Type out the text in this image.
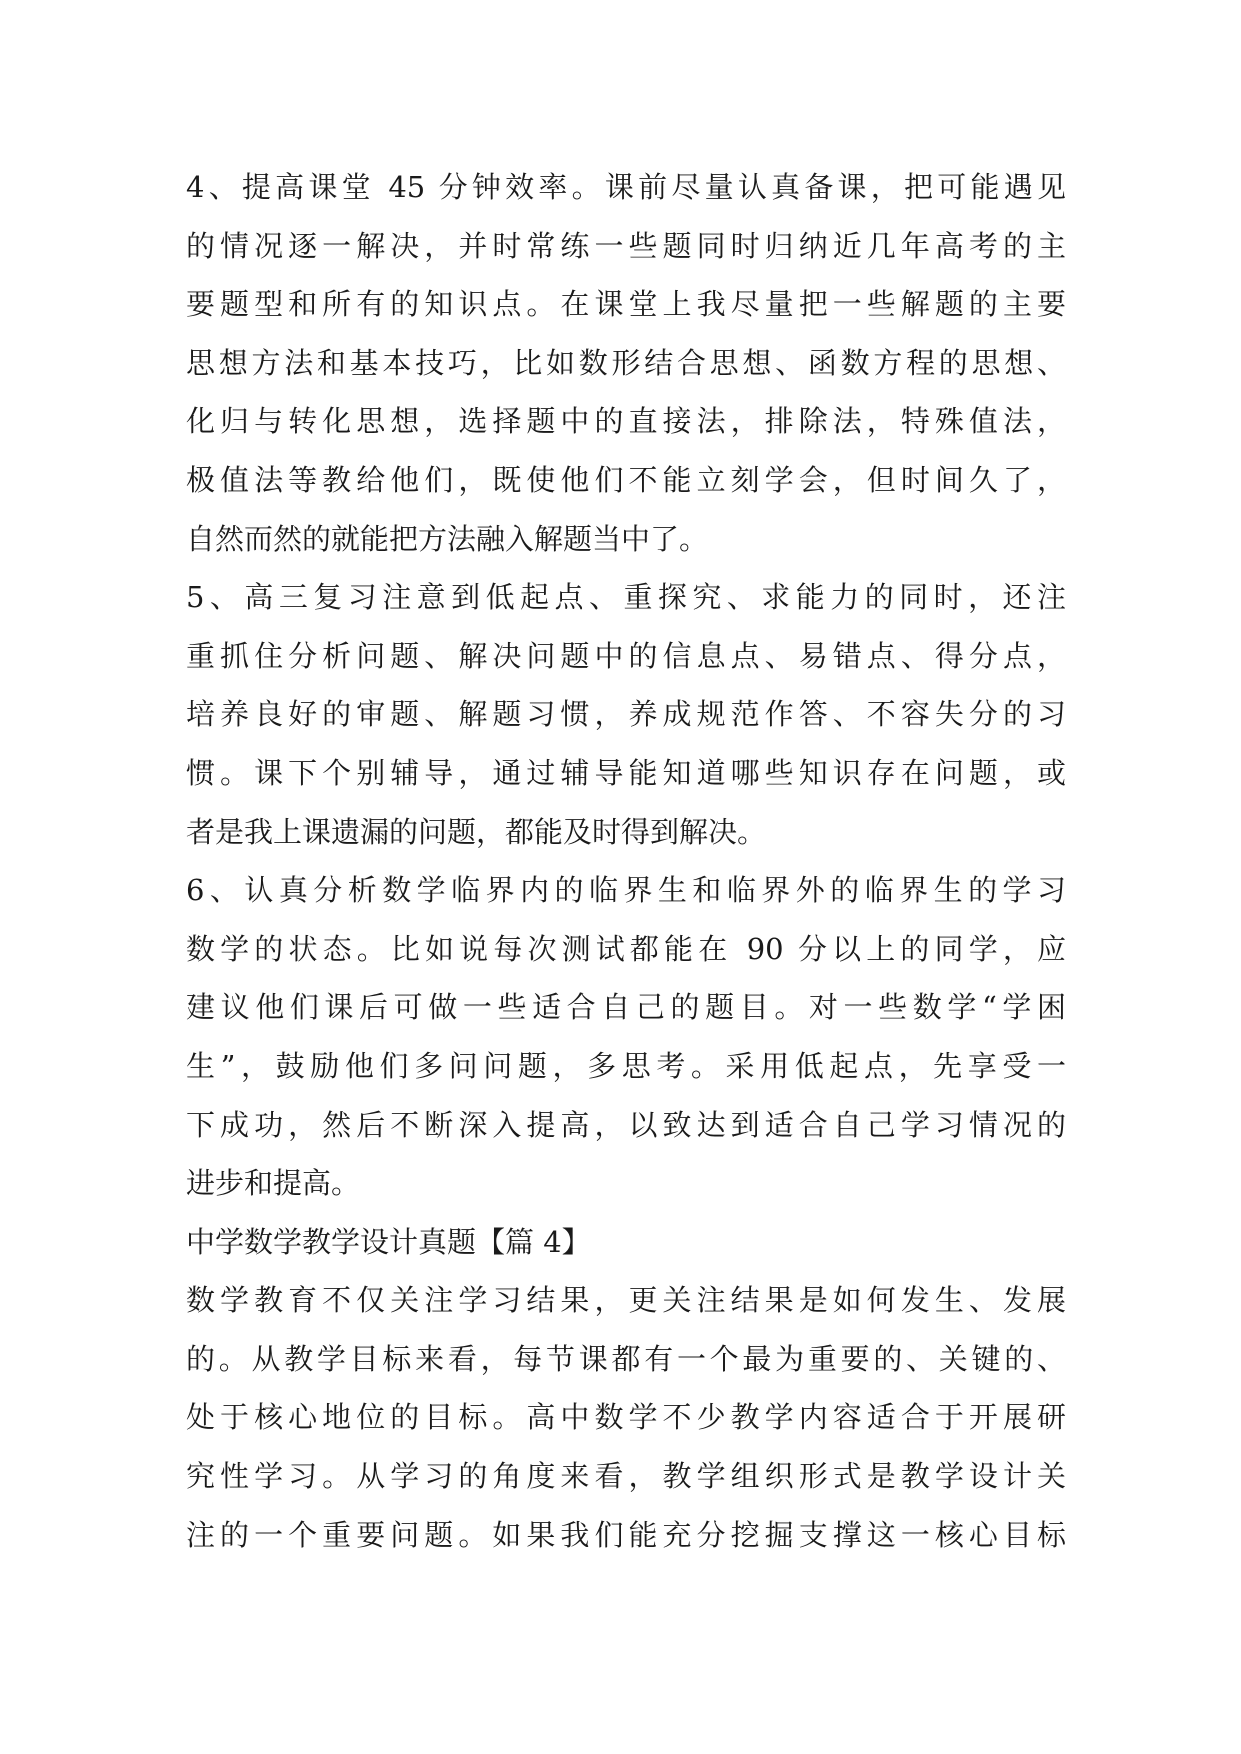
4、提高课堂 45 分钟效率。课前尽量认真备课，把可能遇见
的情况逐一解决，并时常练一些题同时归纳近几年高考的主
要题型和所有的知识点。在课堂上我尽量把一些解题的主要
思想方法和基本技巧，比如数形结合思想、函数方程的思想、
化归与转化思想，选择题中的直接法，排除法，特殊值法，
极值法等教给他们，既使他们不能立刻学会，但时间久了，
自然而然的就能把方法融入解题当中了。
5、高三复习注意到低起点、重探究、求能力的同时，还注
重抓住分析问题、解决问题中的信息点、易错点、得分点，
培养良好的审题、解题习惯，养成规范作答、不容失分的习
惯。课下个别辅导，通过辅导能知道哪些知识存在问题，或
者是我上课遗漏的问题，都能及时得到解决。
6、认真分析数学临界内的临界生和临界外的临界生的学习
数学的状态。比如说每次测试都能在 90 分以上的同学，应
建议他们课后可做一些适合自己的题目。对一些数学“学困
生”，鼓励他们多问问题，多思考。采用低起点，先享受一
下成功，然后不断深入提高，以致达到适合自己学习情况的
进步和提高。
中学数学教学设计真题【篇 4】
数学教育不仅关注学习结果，更关注结果是如何发生、发展
的。从教学目标来看，每节课都有一个最为重要的、关键的、
处于核心地位的目标。高中数学不少教学内容适合于开展研
究性学习。从学习的角度来看，教学组织形式是教学设计关
注的一个重要问题。如果我们能充分挖掘支撑这一核心目标
